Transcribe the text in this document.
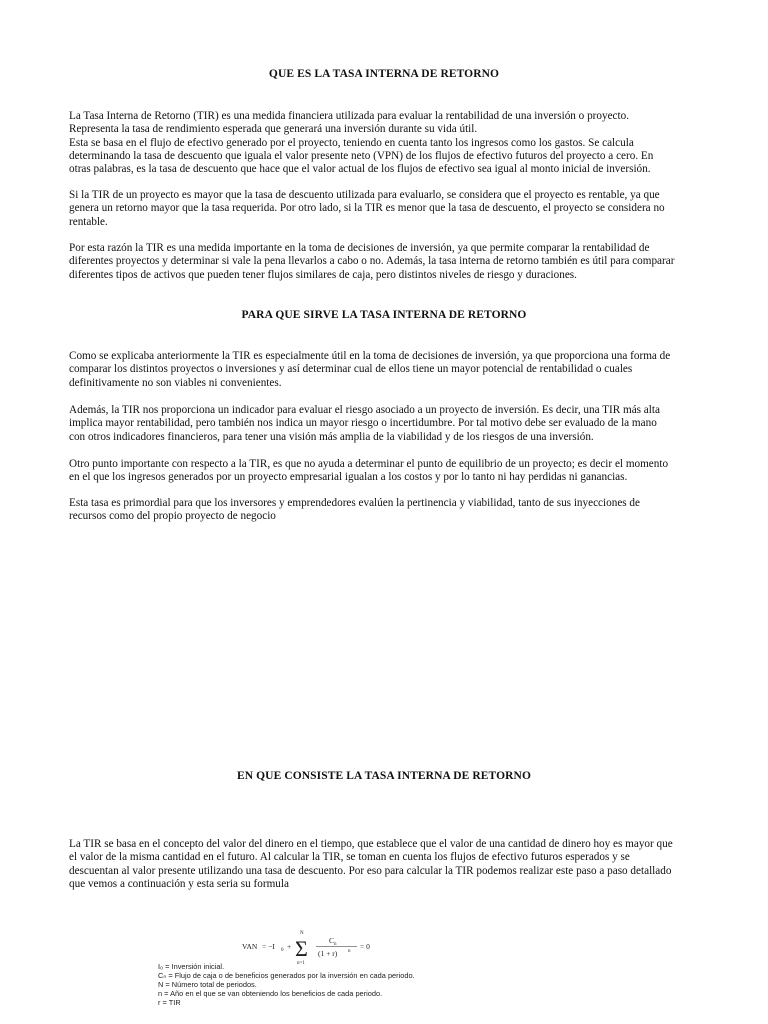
QUE ES LA TASA INTERNA DE RETORNO

La Tasa Interna de Retorno (TIR) es una medida financiera utilizada para evaluar la rentabilidad de una inversión o proyecto.

Representa la tasa de rendimiento esperada que generará una inversión durante su vida útil.

Esta se basa en el flujo de efectivo generado por el proyecto, teniendo en cuenta tanto los ingresos como los gastos. Se calcula

determinando la tasa de descuento que iguala el valor presente neto (VPN) de los flujos de efectivo futuros del proyecto a cero. En

otras palabras, es la tasa de descuento que hace que el valor actual de los flujos de efectivo sea igual al monto inicial de inversión.

Si la TIR de un proyecto es mayor que la tasa de descuento utilizada para evaluarlo, se considera que el proyecto es rentable, ya que

genera un retorno mayor que la tasa requerida. Por otro lado, si la TIR es menor que la tasa de descuento, el proyecto se considera no

rentable.

Por esta razón la TIR es una medida importante en la toma de decisiones de inversión, ya que permite comparar la rentabilidad de

diferentes proyectos y determinar si vale la pena llevarlos a cabo o no. Además, la tasa interna de retorno también es útil para comparar

diferentes tipos de activos que pueden tener flujos similares de caja, pero distintos niveles de riesgo y duraciones.

PARA QUE SIRVE LA TASA INTERNA DE RETORNO

Como se explicaba anteriormente la TIR es especialmente útil en la toma de decisiones de inversión, ya que proporciona una forma de

comparar los distintos proyectos o inversiones y así determinar cual de ellos tiene un mayor potencial de rentabilidad o cuales

definitivamente no son viables ni convenientes.

Además, la TIR nos proporciona un indicador para evaluar el riesgo asociado a un proyecto de inversión. Es decir, una TIR más alta

implica mayor rentabilidad, pero también nos indica un mayor riesgo o incertidumbre. Por tal motivo debe ser evaluado de la mano

con otros indicadores financieros, para tener una visión más amplia de la viabilidad y de los riesgos de una inversión.

Otro punto importante con respecto a la TIR, es que no ayuda a determinar el punto de equilibrio de un proyecto; es decir el momento

en el que los ingresos generados por un proyecto empresarial igualan a los costos y por lo tanto ni hay perdidas ni ganancias.

Esta tasa es primordial para que los inversores y emprendedores evalúen la pertinencia y viabilidad, tanto de sus inyecciones de

recursos como del propio proyecto de negocio

EN QUE CONSISTE LA TASA INTERNA DE RETORNO

La TIR se basa en el concepto del valor del dinero en el tiempo, que establece que el valor de una cantidad de dinero hoy es mayor que

el valor de la misma cantidad en el futuro. Al calcular la TIR, se toman en cuenta los flujos de efectivo futuros esperados y se

descuentan al valor presente utilizando una tasa de descuento. Por eso para calcular la TIR podemos realizar este paso a paso detallado

que vemos a continuación y esta seria su formula

VAN = −I 0 + Σ
N
n=1
C n
(1 + r) n
= 0
I₀ = Inversión inicial.
Cₙ = Flujo de caja o de beneficios generados por la inversión en cada periodo.
N = Número total de periodos.
n = Año en el que se van obteniendo los beneficios de cada periodo.
r = TIR
